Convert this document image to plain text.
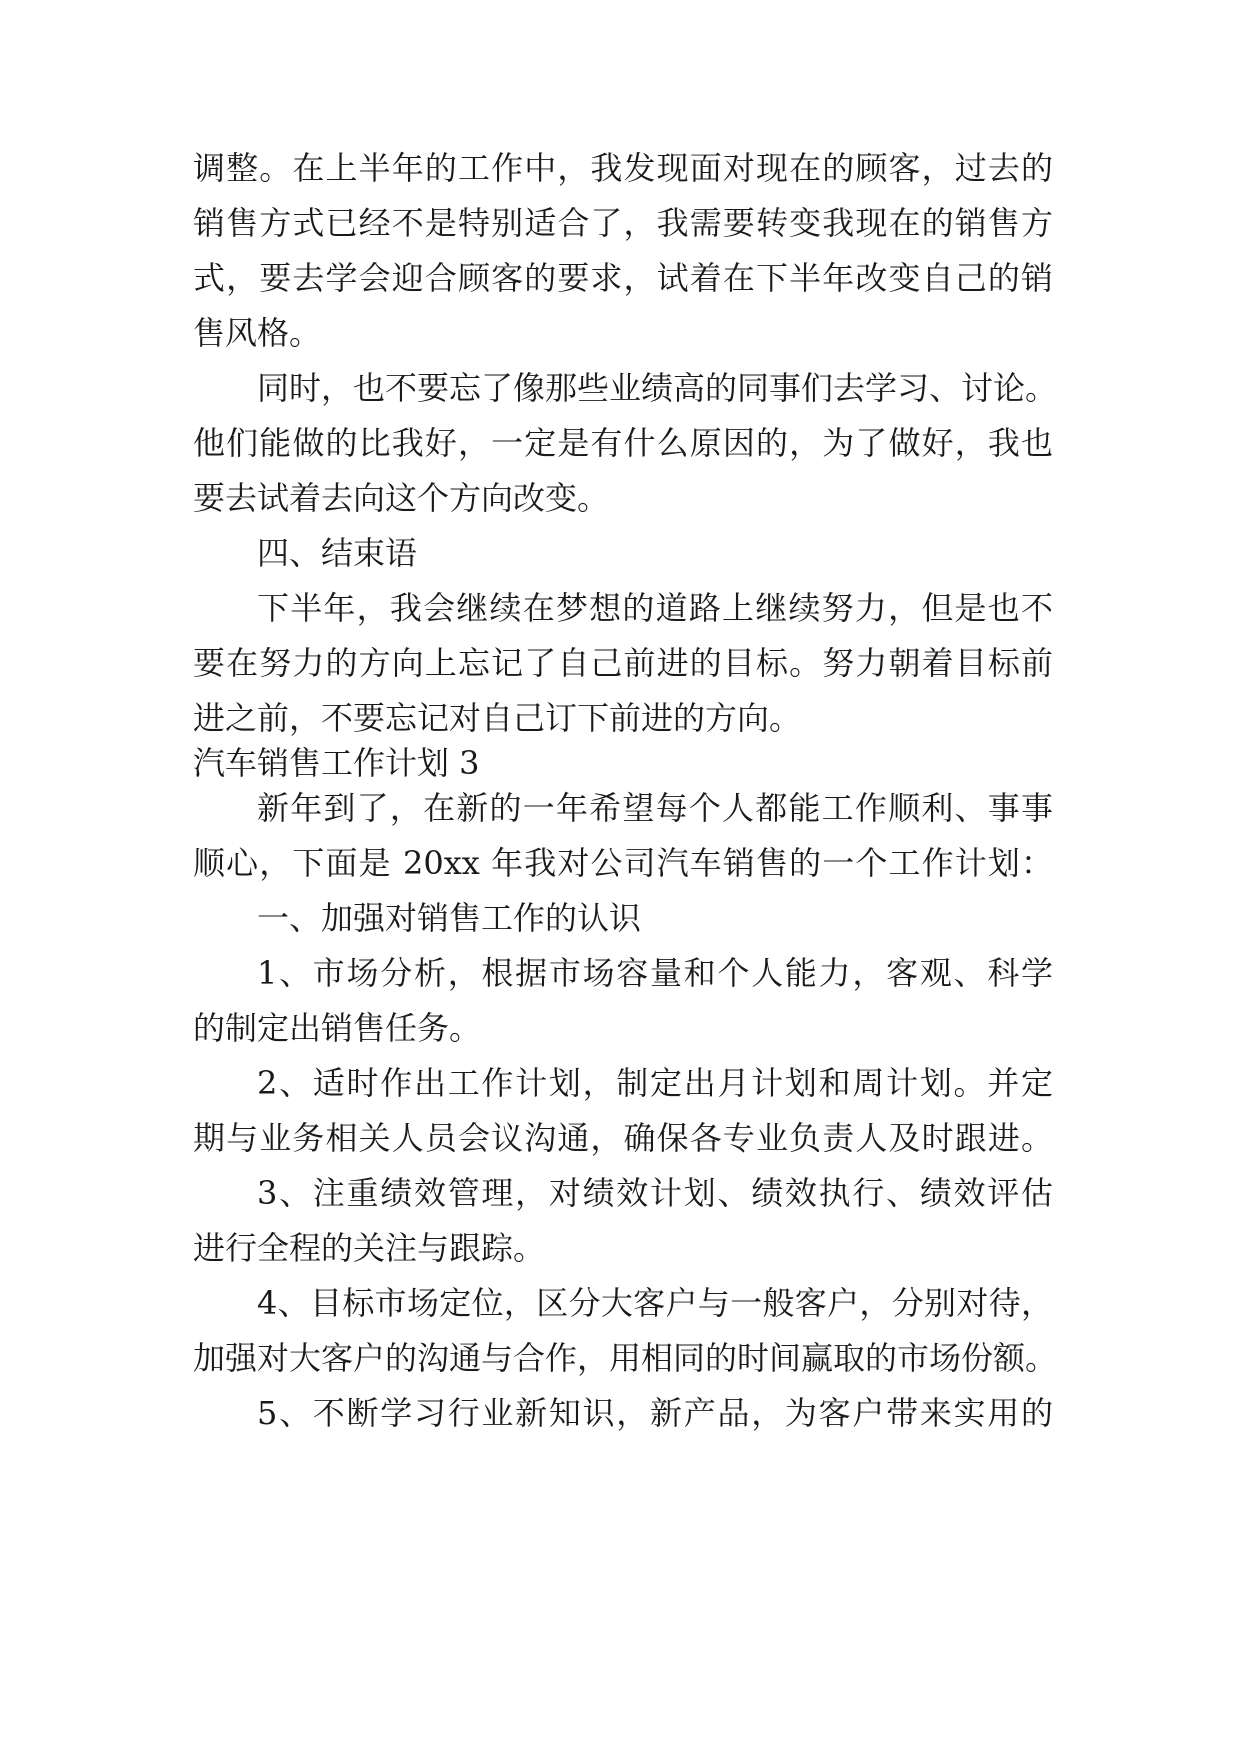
调整。在上半年的工作中，我发现面对现在的顾客，过去的
销售方式已经不是特别适合了，我需要转变我现在的销售方
式，要去学会迎合顾客的要求，试着在下半年改变自己的销
售风格。
同时，也不要忘了像那些业绩高的同事们去学习、讨论。
他们能做的比我好，一定是有什么原因的，为了做好，我也
要去试着去向这个方向改变。
四、结束语
下半年，我会继续在梦想的道路上继续努力，但是也不
要在努力的方向上忘记了自己前进的目标。努力朝着目标前
进之前，不要忘记对自己订下前进的方向。
汽车销售工作计划 3
新年到了，在新的一年希望每个人都能工作顺利、事事
顺心，下面是 20xx 年我对公司汽车销售的一个工作计划：
一、加强对销售工作的认识
1、市场分析，根据市场容量和个人能力，客观、科学
的制定出销售任务。
2、适时作出工作计划，制定出月计划和周计划。并定
期与业务相关人员会议沟通，确保各专业负责人及时跟进。
3、注重绩效管理，对绩效计划、绩效执行、绩效评估
进行全程的关注与跟踪。
4、目标市场定位，区分大客户与一般客户，分别对待，
加强对大客户的沟通与合作，用相同的时间赢取的市场份额。
5、不断学习行业新知识，新产品，为客户带来实用的
